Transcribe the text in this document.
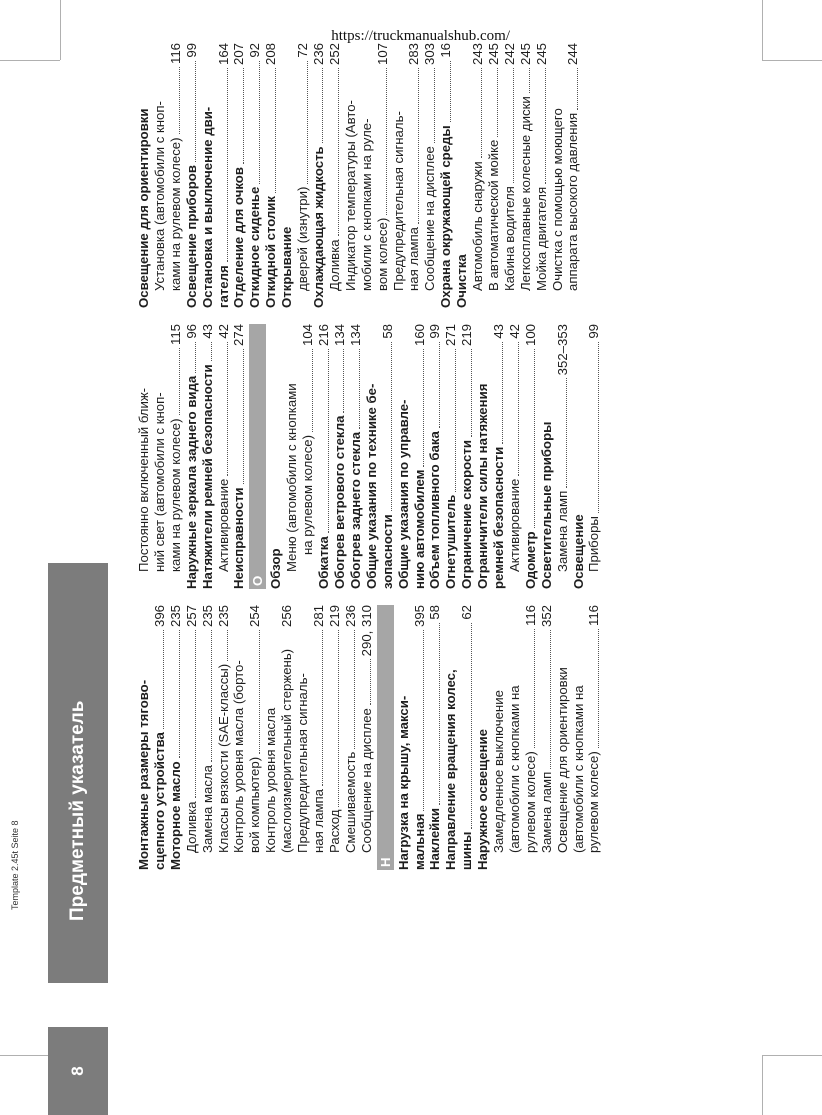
https://truckmanualshub.com/
Template 2.45t Seite 8
8
Предметный указатель	Монтажные размеры тягово- сцепного устройства
396
Моторное масло
235
Доливка
257
Замена масла
235
Классы вязкости (SAE-классы)
235
Контроль уровня масла (борто- вой компьютер)
254
Контроль уровня масла (маслоизмерительный стержень)
256
Предупредительная сигналь- ная лампа
281
Расход
219
Смешиваемость
236
Сообщение на дисплее
290, 310
Н Нагрузка на крышу, макси- мальная
395
Наклейки
58
Направление вращения колес, шины
62
Наружное освещение Замедленное выключение (автомобили с кнопками на рулевом колесе)
116
Замена ламп
352
Освещение для ориентировки (автомобили с кнопками на рулевом колесе)
116
Постоянно включенный ближ- ний свет (автомобили с кноп- ками на рулевом колесе)
115
Наружные зеркала заднего вида
96
Натяжители ремней безопасности
43
Активирование
42
Неисправности
274
О Обзор Меню (автомобили с кнопками на рулевом колесе)
104
Обкатка
216
Обогрев ветрового стекла
134
Обогрев заднего стекла
134
Общие указания по технике бе- зопасности
58
Общие указания по управле- нию автомобилем
160
Объем топливного бака
99
Огнетушитель
271
Ограничение скорости
219
Ограничители силы натяжения ремней безопасности
43
Активирование
42
Одометр
100
Осветительные приборы Замена ламп
352–353
Освещение Приборы
99
Освещение для ориентировки Установка (автомобили с кноп- ками на рулевом колесе)
116
Освещение приборов
99
Остановка и выключение дви- гателя
164
Отделение для очков
207
Откидное сиденье
92
Откидной столик
208
Открывание дверей (изнутри)
72
Охлаждающая жидкость
236
Доливка
252
Индикатор температуры (Авто- мобили с кнопками на руле- вом колесе)
107
Предупредительная сигналь- ная лампа
283
Сообщение на дисплее
303
Охрана окружающей среды
16
Очистка Автомобиль снаружи
243
В автоматической мойке
245
Кабина водителя
242
Легкосплавные колесные диски
245
Мойка двигателя
245
Очистка с помощью моющего аппарата высокого давления
244
